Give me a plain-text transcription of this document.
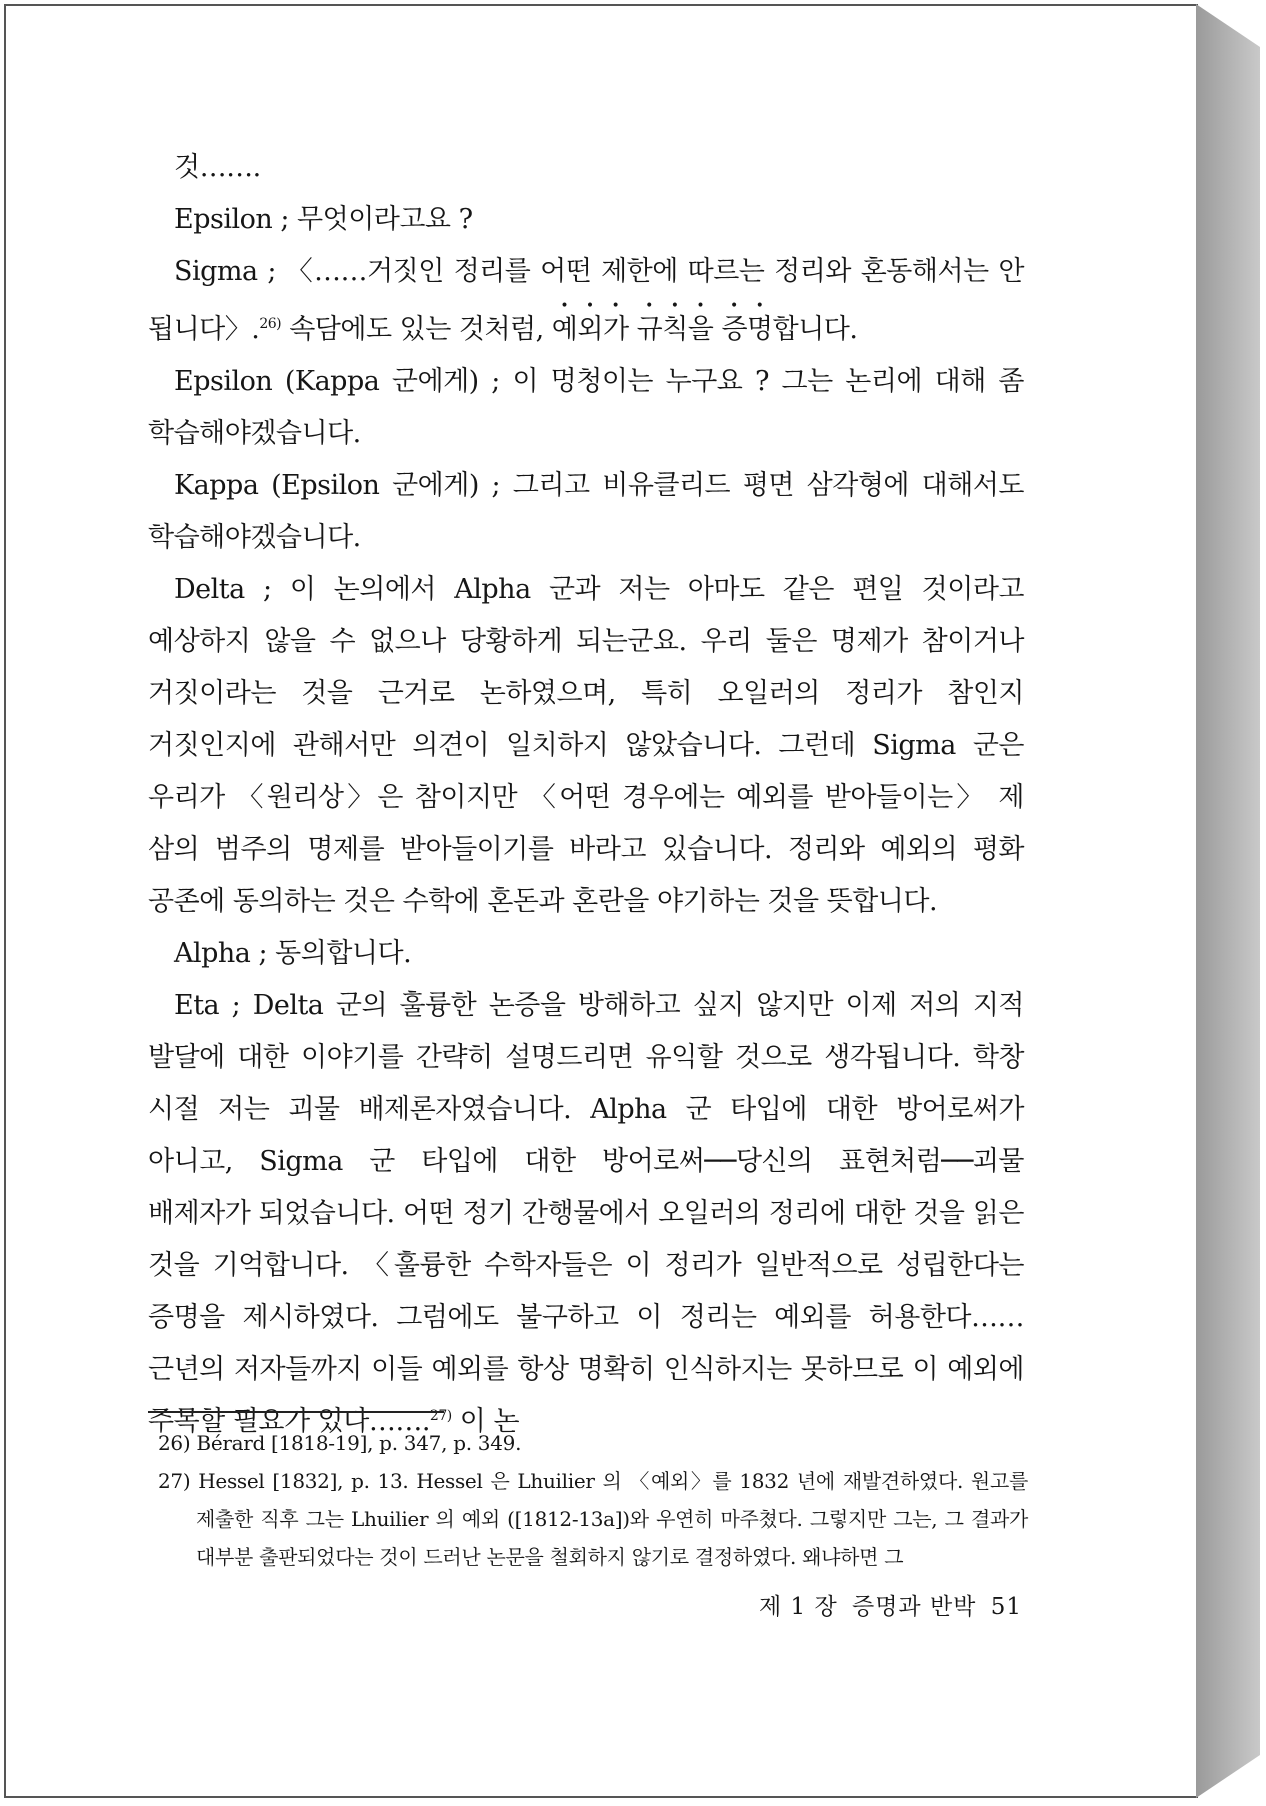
것…….

Epsilon ; 무엇이라고요 ?

Sigma ; 〈……거짓인 정리를 어떤 제한에 따르는 정리와 혼동해서는 안 됩니다〉.$^{26)}$ 속담에도 있는 것처럼, 예외가 규칙을 증명합니다.

Epsilon (Kappa 군에게) ; 이 멍청이는 누구요 ? 그는 논리에 대해 좀 학습해야겠습니다.

Kappa (Epsilon 군에게) ; 그리고 비유클리드 평면 삼각형에 대해서도 학습해야겠습니다.

Delta ; 이 논의에서 Alpha 군과 저는 아마도 같은 편일 것이라고 예상하지 않을 수 없으나 당황하게 되는군요. 우리 둘은 명제가 참이거나 거짓이라는 것을 근거로 논하였으며, 특히 오일러의 정리가 참인지 거짓인지에 관해서만 의견이 일치하지 않았습니다. 그런데 Sigma 군은 우리가 〈원리상〉은 참이지만 〈어떤 경우에는 예외를 받아들이는〉 제 삼의 범주의 명제를 받아들이기를 바라고 있습니다. 정리와 예외의 평화 공존에 동의하는 것은 수학에 혼돈과 혼란을 야기하는 것을 뜻합니다.

Alpha ; 동의합니다.

Eta ; Delta 군의 훌륭한 논증을 방해하고 싶지 않지만 이제 저의 지적 발달에 대한 이야기를 간략히 설명드리면 유익할 것으로 생각됩니다. 학창 시절 저는 괴물 배제론자였습니다. Alpha 군 타입에 대한 방어로써가 아니고, Sigma 군 타입에 대한 방어로써──당신의 표현처럼──괴물 배제자가 되었습니다. 어떤 정기 간행물에서 오일러의 정리에 대한 것을 읽은 것을 기억합니다. 〈훌륭한 수학자들은 이 정리가 일반적으로 성립한다는 증명을 제시하였다. 그럼에도 불구하고 이 정리는 예외를 허용한다…… 근년의 저자들까지 이들 예외를 항상 명확히 인식하지는 못하므로 이 예외에 주목할 필요가 있다…….$^{27)}$ 이 논

26) Bérard [1818-19], p. 347, p. 349.

27) Hessel [1832], p. 13. Hessel 은 Lhuilier 의 〈예외〉를 1832 년에 재발견하였다. 원고를 제출한 직후 그는 Lhuilier 의 예외 ([1812-13a])와 우연히 마주쳤다. 그렇지만 그는, 그 결과가 대부분 출판되었다는 것이 드러난 논문을 철회하지 않기로 결정하였다. 왜냐하면 그

제 1 장 증명과 반박 51
